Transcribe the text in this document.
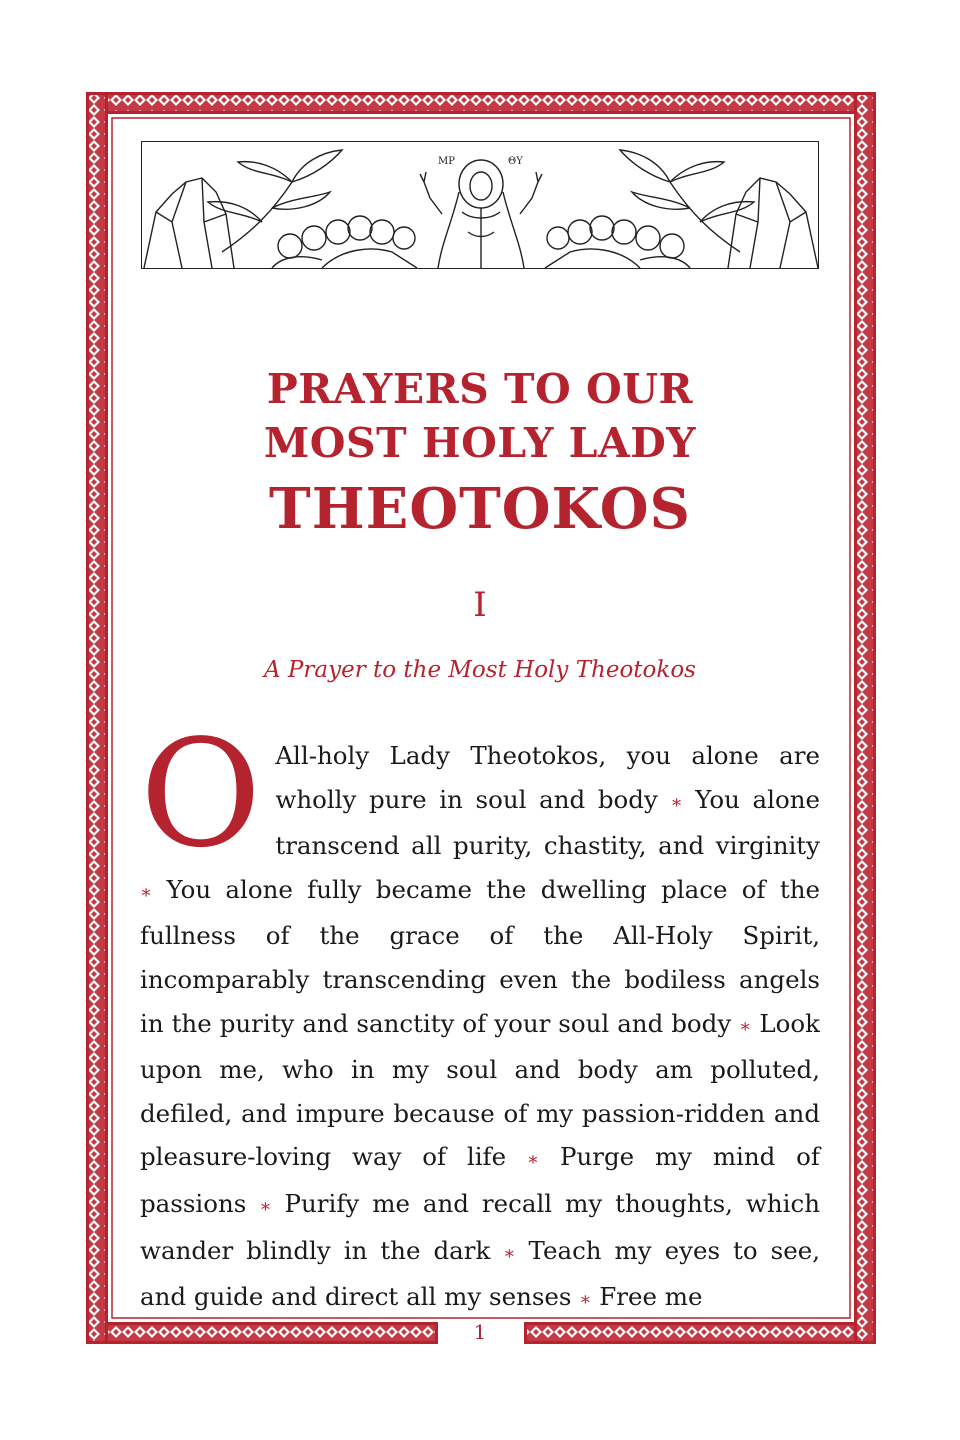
ΜΡ	ΘΥ
PRAYERS TO OUR
MOST HOLY LADY
THEOTOKOS
I
A Prayer to the Most Holy Theotokos
O All-holy Lady Theotokos, you alone are wholly pure in soul and body ∗ You alone transcend all purity, chastity, and virginity ∗ You alone fully became the dwelling place of the fullness of the grace of the All-Holy Spirit, incomparably transcending even the bodiless angels in the purity and sanctity of your soul and body ∗ Look upon me, who in my soul and body am polluted, defiled, and impure because of my passion-ridden and pleasure-loving way of life ∗ Purge my mind of passions ∗ Purify me and recall my thoughts, which wander blindly in the dark ∗ Teach my eyes to see, and guide and direct all my senses ∗ Free me
1
